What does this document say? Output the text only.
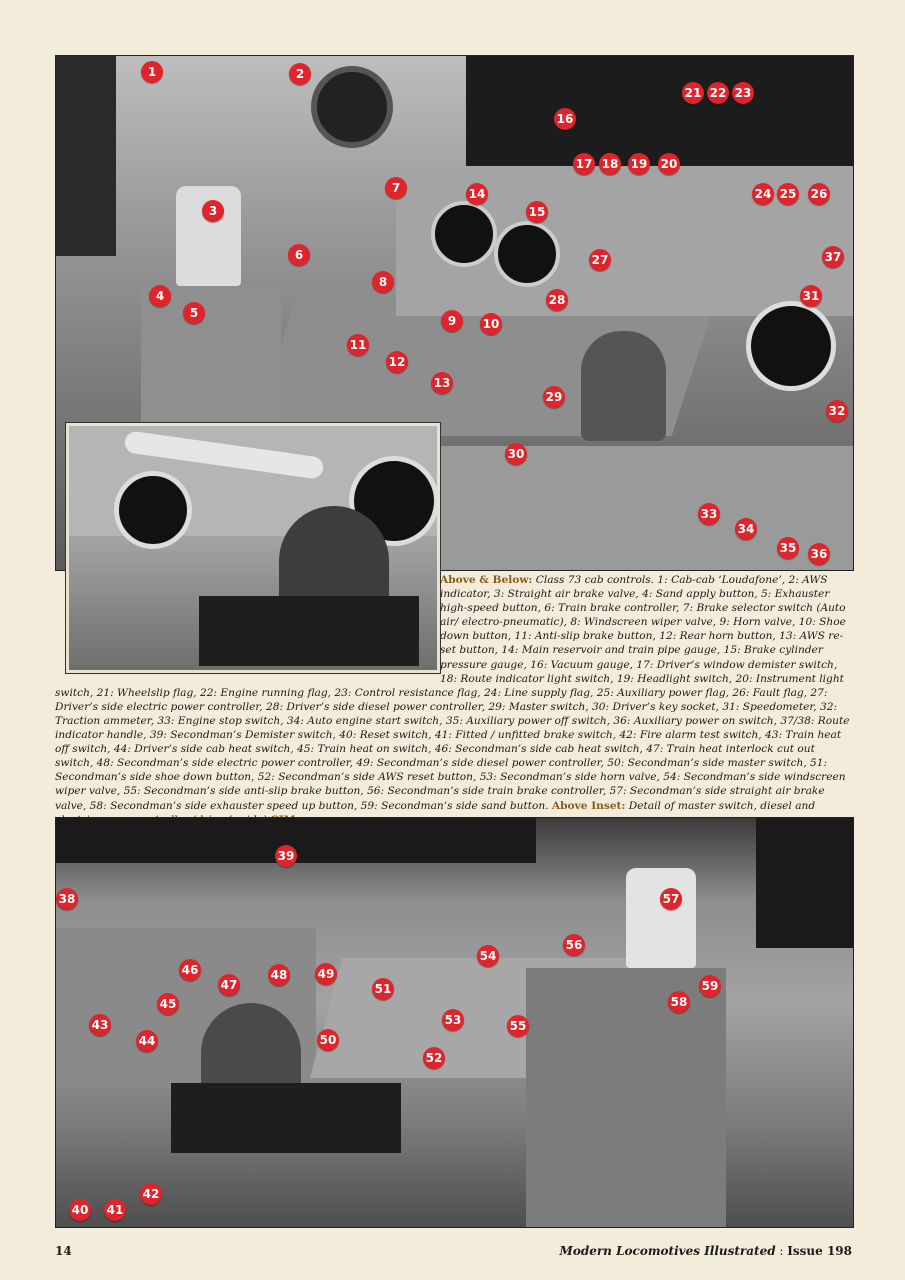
1	2
3
4
5
6
7
8
9	10
11
12
13
14
15
16
17 18 19 20
21 22 23
24 25 26
27
28
29
30
31
32
33
34
35 36
37
Above & Below: Class 73 cab controls. 1: Cab-cab ‘Loudafone’, 2: AWS indicator, 3: Straight air brake valve, 4: Sand apply button, 5: Exhauster high-speed button, 6: Train brake controller, 7: Brake selector switch (Auto air/ electro-pneumatic), 8: Windscreen wiper valve, 9: Horn valve, 10: Shoe down button, 11: Anti-slip brake button, 12: Rear horn button, 13: AWS re-set button, 14: Main reservoir and train pipe gauge, 15: Brake cylinder pressure gauge, 16: Vacuum gauge, 17: Driver’s window demister switch, 18: Route indicator light switch, 19: Headlight switch, 20: Instrument light switch, 21: Wheelslip flag, 22: Engine running flag, 23: Control resistance flag, 24: Line supply flag, 25: Auxiliary power flag, 26: Fault flag, 27: Driver’s side electric power controller, 28: Driver’s side diesel power controller, 29: Master switch, 30: Driver’s key socket, 31: Speedometer, 32: Traction ammeter, 33: Engine stop switch, 34: Auto engine start switch, 35: Auxiliary power off switch, 36: Auxiliary power on switch, 37/38: Route indicator handle, 39: Secondman’s Demister switch, 40: Reset switch, 41: Fitted / unfitted brake switch, 42: Fire alarm test switch, 43: Train heat off switch, 44: Driver’s side cab heat switch, 45: Train heat on switch, 46: Secondman’s side cab heat switch, 47: Train heat interlock cut out switch, 48: Secondman’s side electric power controller, 49: Secondman’s side diesel power controller, 50: Secondman’s side master switch, 51: Secondman’s side shoe down button, 52: Secondman’s side AWS reset button, 53: Secondman’s side horn valve, 54: Secondman’s side windscreen wiper valve, 55: Secondman’s side anti-slip brake button, 56: Secondman’s side train brake controller, 57: Secondman’s side straight air brake valve, 58: Secondman’s side exhauster speed up button, 59: Secondman’s side sand button. Above Inset: Detail of master switch, diesel and
38
39
40 41
42
43
44
45
46
47
48	49
50
51
52
53
54
55
56
57
58
59
14	Modern Locomotives Illustrated : Issue 198
